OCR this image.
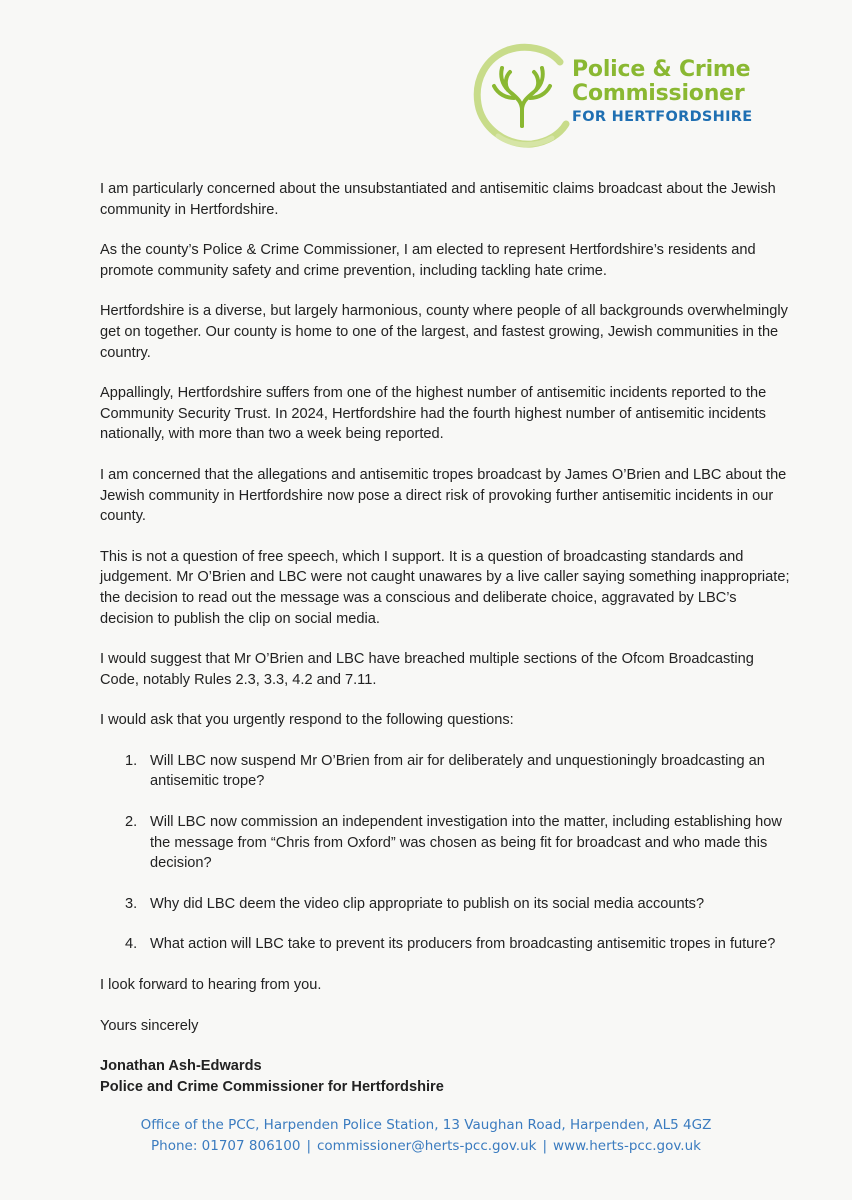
Police & Crime
Commissioner
FOR HERTFORDSHIRE

I am particularly concerned about the unsubstantiated and antisemitic claims broadcast about the Jewish community in Hertfordshire.

As the county’s Police & Crime Commissioner, I am elected to represent Hertfordshire’s residents and promote community safety and crime prevention, including tackling hate crime.

Hertfordshire is a diverse, but largely harmonious, county where people of all backgrounds overwhelmingly get on together. Our county is home to one of the largest, and fastest growing, Jewish communities in the country.

Appallingly, Hertfordshire suffers from one of the highest number of antisemitic incidents reported to the Community Security Trust. In 2024, Hertfordshire had the fourth highest number of antisemitic incidents nationally, with more than two a week being reported.

I am concerned that the allegations and antisemitic tropes broadcast by James O’Brien and LBC about the Jewish community in Hertfordshire now pose a direct risk of provoking further antisemitic incidents in our county.

This is not a question of free speech, which I support. It is a question of broadcasting standards and judgement. Mr O’Brien and LBC were not caught unawares by a live caller saying something inappropriate; the decision to read out the message was a conscious and deliberate choice, aggravated by LBC’s decision to publish the clip on social media.

I would suggest that Mr O’Brien and LBC have breached multiple sections of the Ofcom Broadcasting Code, notably Rules 2.3, 3.3, 4.2 and 7.11.

I would ask that you urgently respond to the following questions:

1. Will LBC now suspend Mr O’Brien from air for deliberately and unquestioningly broadcasting an antisemitic trope?
2. Will LBC now commission an independent investigation into the matter, including establishing how the message from “Chris from Oxford” was chosen as being fit for broadcast and who made this decision?
3. Why did LBC deem the video clip appropriate to publish on its social media accounts?
4. What action will LBC take to prevent its producers from broadcasting antisemitic tropes in future?

I look forward to hearing from you.

Yours sincerely

Jonathan Ash-Edwards
Police and Crime Commissioner for Hertfordshire
Office of the PCC, Harpenden Police Station, 13 Vaughan Road, Harpenden, AL5 4GZ
Phone: 01707 806100 | commissioner@herts-pcc.gov.uk | www.herts-pcc.gov.uk
